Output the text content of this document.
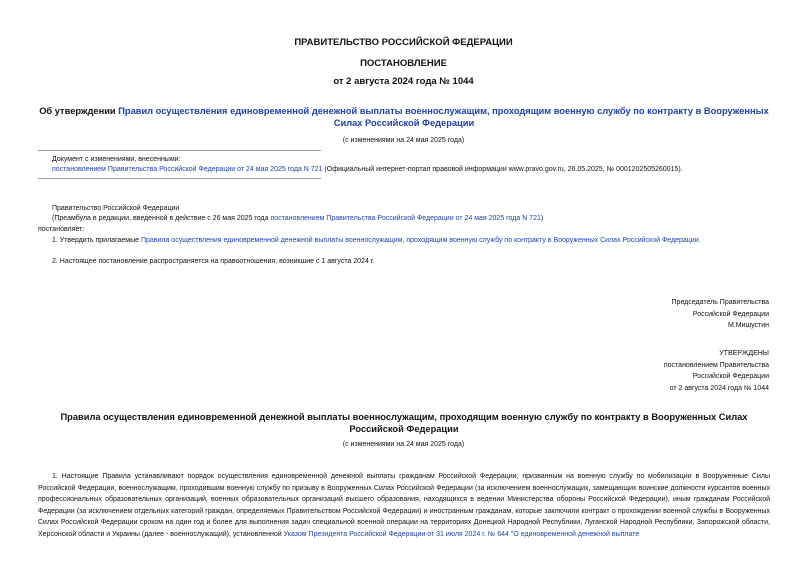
ПРАВИТЕЛЬСТВО РОССИЙСКОЙ ФЕДЕРАЦИИ
ПОСТАНОВЛЕНИЕ
от 2 августа 2024 года № 1044
Об утверждении Правил осуществления единовременной денежной выплаты военнослужащим, проходящим военную службу по контракту в Вооруженных Силах Российской Федерации
(с изменениями на 24 мая 2025 года)
Документ с изменениями, внесенными:
постановлением Правительства Российской Федерации от 24 мая 2025 года N 721 (Официальный интернет-портал правовой информации www.pravo.gov.ru, 26.05.2025, № 0001202505260015).
Правительство Российской Федерации
(Преамбула в редакции, введенной в действие с 26 мая 2025 года постановлением Правительства Российской Федерации от 24 мая 2025 года N 721)
постановляет:
1. Утвердить прилагаемые Правила осуществления единовременной денежной выплаты военнослужащим, проходящим военную службу по контракту в Вооруженных Силах Российской Федерации.
2. Настоящее постановление распространяется на правоотношения, возникшие с 1 августа 2024 г.
Председатель Правительства
Российской Федерации
М.Мишустин
УТВЕРЖДЕНЫ
постановлением Правительства
Российской Федерации
от 2 августа 2024 года № 1044
Правила осуществления единовременной денежной выплаты военнослужащим, проходящим военную службу по контракту в Вооруженных Силах Российской Федерации
(с изменениями на 24 мая 2025 года)
1. Настоящие Правила устанавливают порядок осуществления единовременной денежной выплаты гражданам Российской Федерации, призванным на военную службу по мобилизации в Вооруженные Силы Российской Федерации, военнослужащим, проходившим военную службу по призыву в Вооруженных Силах Российской Федерации (за исключением военнослужащих, замещающих воинские должности курсантов военных профессиональных образовательных организаций, военных образовательных организаций высшего образования, находящихся в ведении Министерства обороны Российской Федерации), иным гражданам Российской Федерации (за исключением отдельных категорий граждан, определяемых Правительством Российской Федерации) и иностранным гражданам, которые заключили контракт о прохождении военной службы в Вооруженных Силах Российской Федерации сроком на один год и более для выполнения задач специальной военной операции на территориях Донецкой Народной Республики, Луганской Народной Республики, Запорожской области, Херсонской области и Украины (далее - военнослужащий), установленной Указом Президента Российской Федерации от 31 июля 2024 г. № 644 "О единовременной денежной выплате
